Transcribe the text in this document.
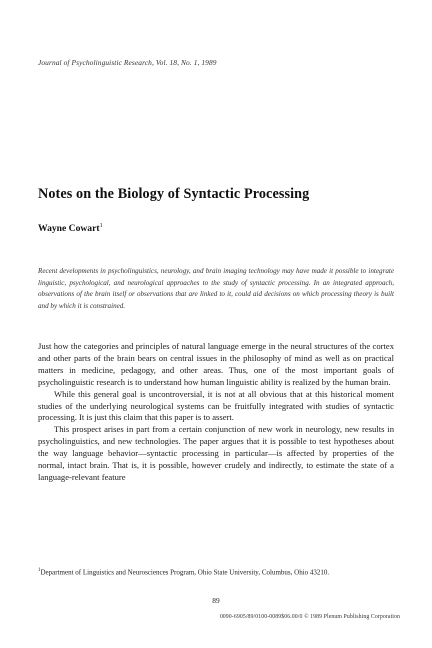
Journal of Psycholinguistic Research, Vol. 18, No. 1, 1989
Notes on the Biology of Syntactic Processing
Wayne Cowart$^1$
Recent developments in psycholinguistics, neurology, and brain imaging technology may have made it possible to integrate linguistic, psychological, and neurological approaches to the study of syntactic processing. In an integrated approach, observations of the brain itself or observations that are linked to it, could aid decisions on which processing theory is built and by which it is constrained.

Just how the categories and principles of natural language emerge in the neural structures of the cortex and other parts of the brain bears on central issues in the philosophy of mind as well as on practical matters in medicine, pedagogy, and other areas. Thus, one of the most important goals of psycholinguistic research is to understand how human linguistic ability is realized by the human brain.

While this general goal is uncontroversial, it is not at all obvious that at this historical moment studies of the underlying neurological systems can be fruitfully integrated with studies of syntactic processing. It is just this claim that this paper is to assert.

This prospect arises in part from a certain conjunction of new work in neurology, new results in psycholinguistics, and new technologies. The paper argues that it is possible to test hypotheses about the way language behavior—syntactic processing in particular—is affected by properties of the normal, intact brain. That is, it is possible, however crudely and indirectly, to estimate the state of a language-relevant feature

$^1$Department of Linguistics and Neurosciences Program, Ohio State University, Columbus, Ohio 43210.
89
0090-6905/89/0100-0089$06.00/0 © 1989 Plenum Publishing Corporation
